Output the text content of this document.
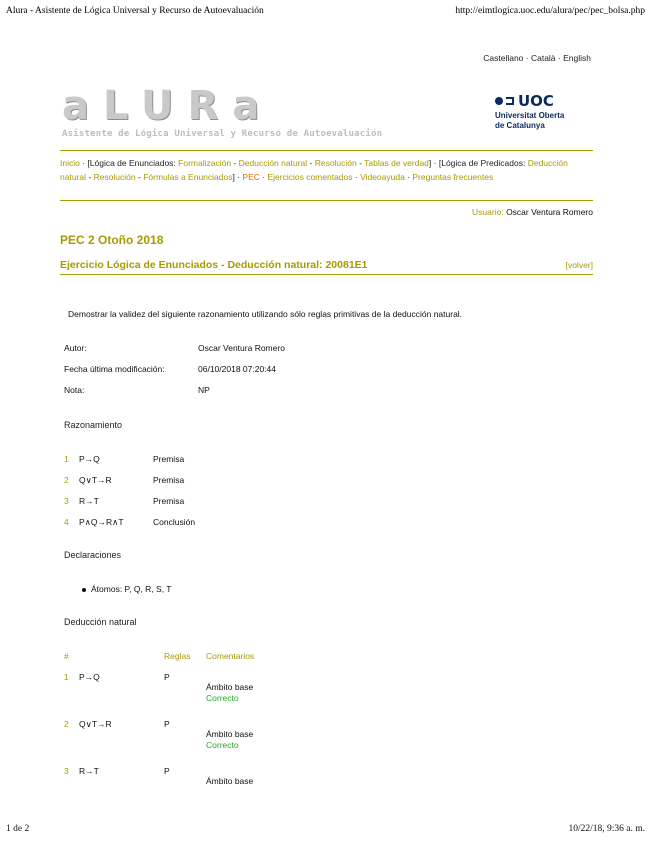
Alura - Asistente de Lógica Universal y Recurso de Autoevaluación	http://eimtlogica.uoc.edu/alura/pec/pec_bolsa.php
Castellano · Català · English
aLURa
Asistente de Lógica Universal y Recurso de Autoevaluación
UOC
Universitat Oberta
de Catalunya
Inicio · [Lógica de Enunciados: Formalización - Deducción natural - Resolución - Tablas de verdad] · [Lógica de Predicados: Deducción natural - Resolución - Fórmulas a Enunciados] · PEC · Ejercicios comentados · Videoayuda · Preguntas frecuentes
Usuario: Oscar Ventura Romero
PEC 2 Otoño 2018
Ejercicio Lógica de Enunciados - Deducción natural: 20081E1	[volver]
Demostrar la validez del siguiente razonamiento utilizando sólo reglas primitivas de la deducción natural.
Autor:	Oscar Ventura Romero
Fecha última modificación:	06/10/2018 07:20:44
Nota:	NP
Razonamiento
1	P→Q	Premisa
2	Q∨T→R	Premisa
3	R→T	Premisa
4	P∧Q→R∧T	Conclusión
Declaraciones
Átomos: P, Q, R, S, T
Deducción natural
#	Reglas	Comentarios
1	P→Q	P
Ámbito base
Correcto
2	Q∨T→R	P
Ámbito base
Correcto
3	R→T	P
Ámbito base
1 de 2	10/22/18, 9:36 a. m.
